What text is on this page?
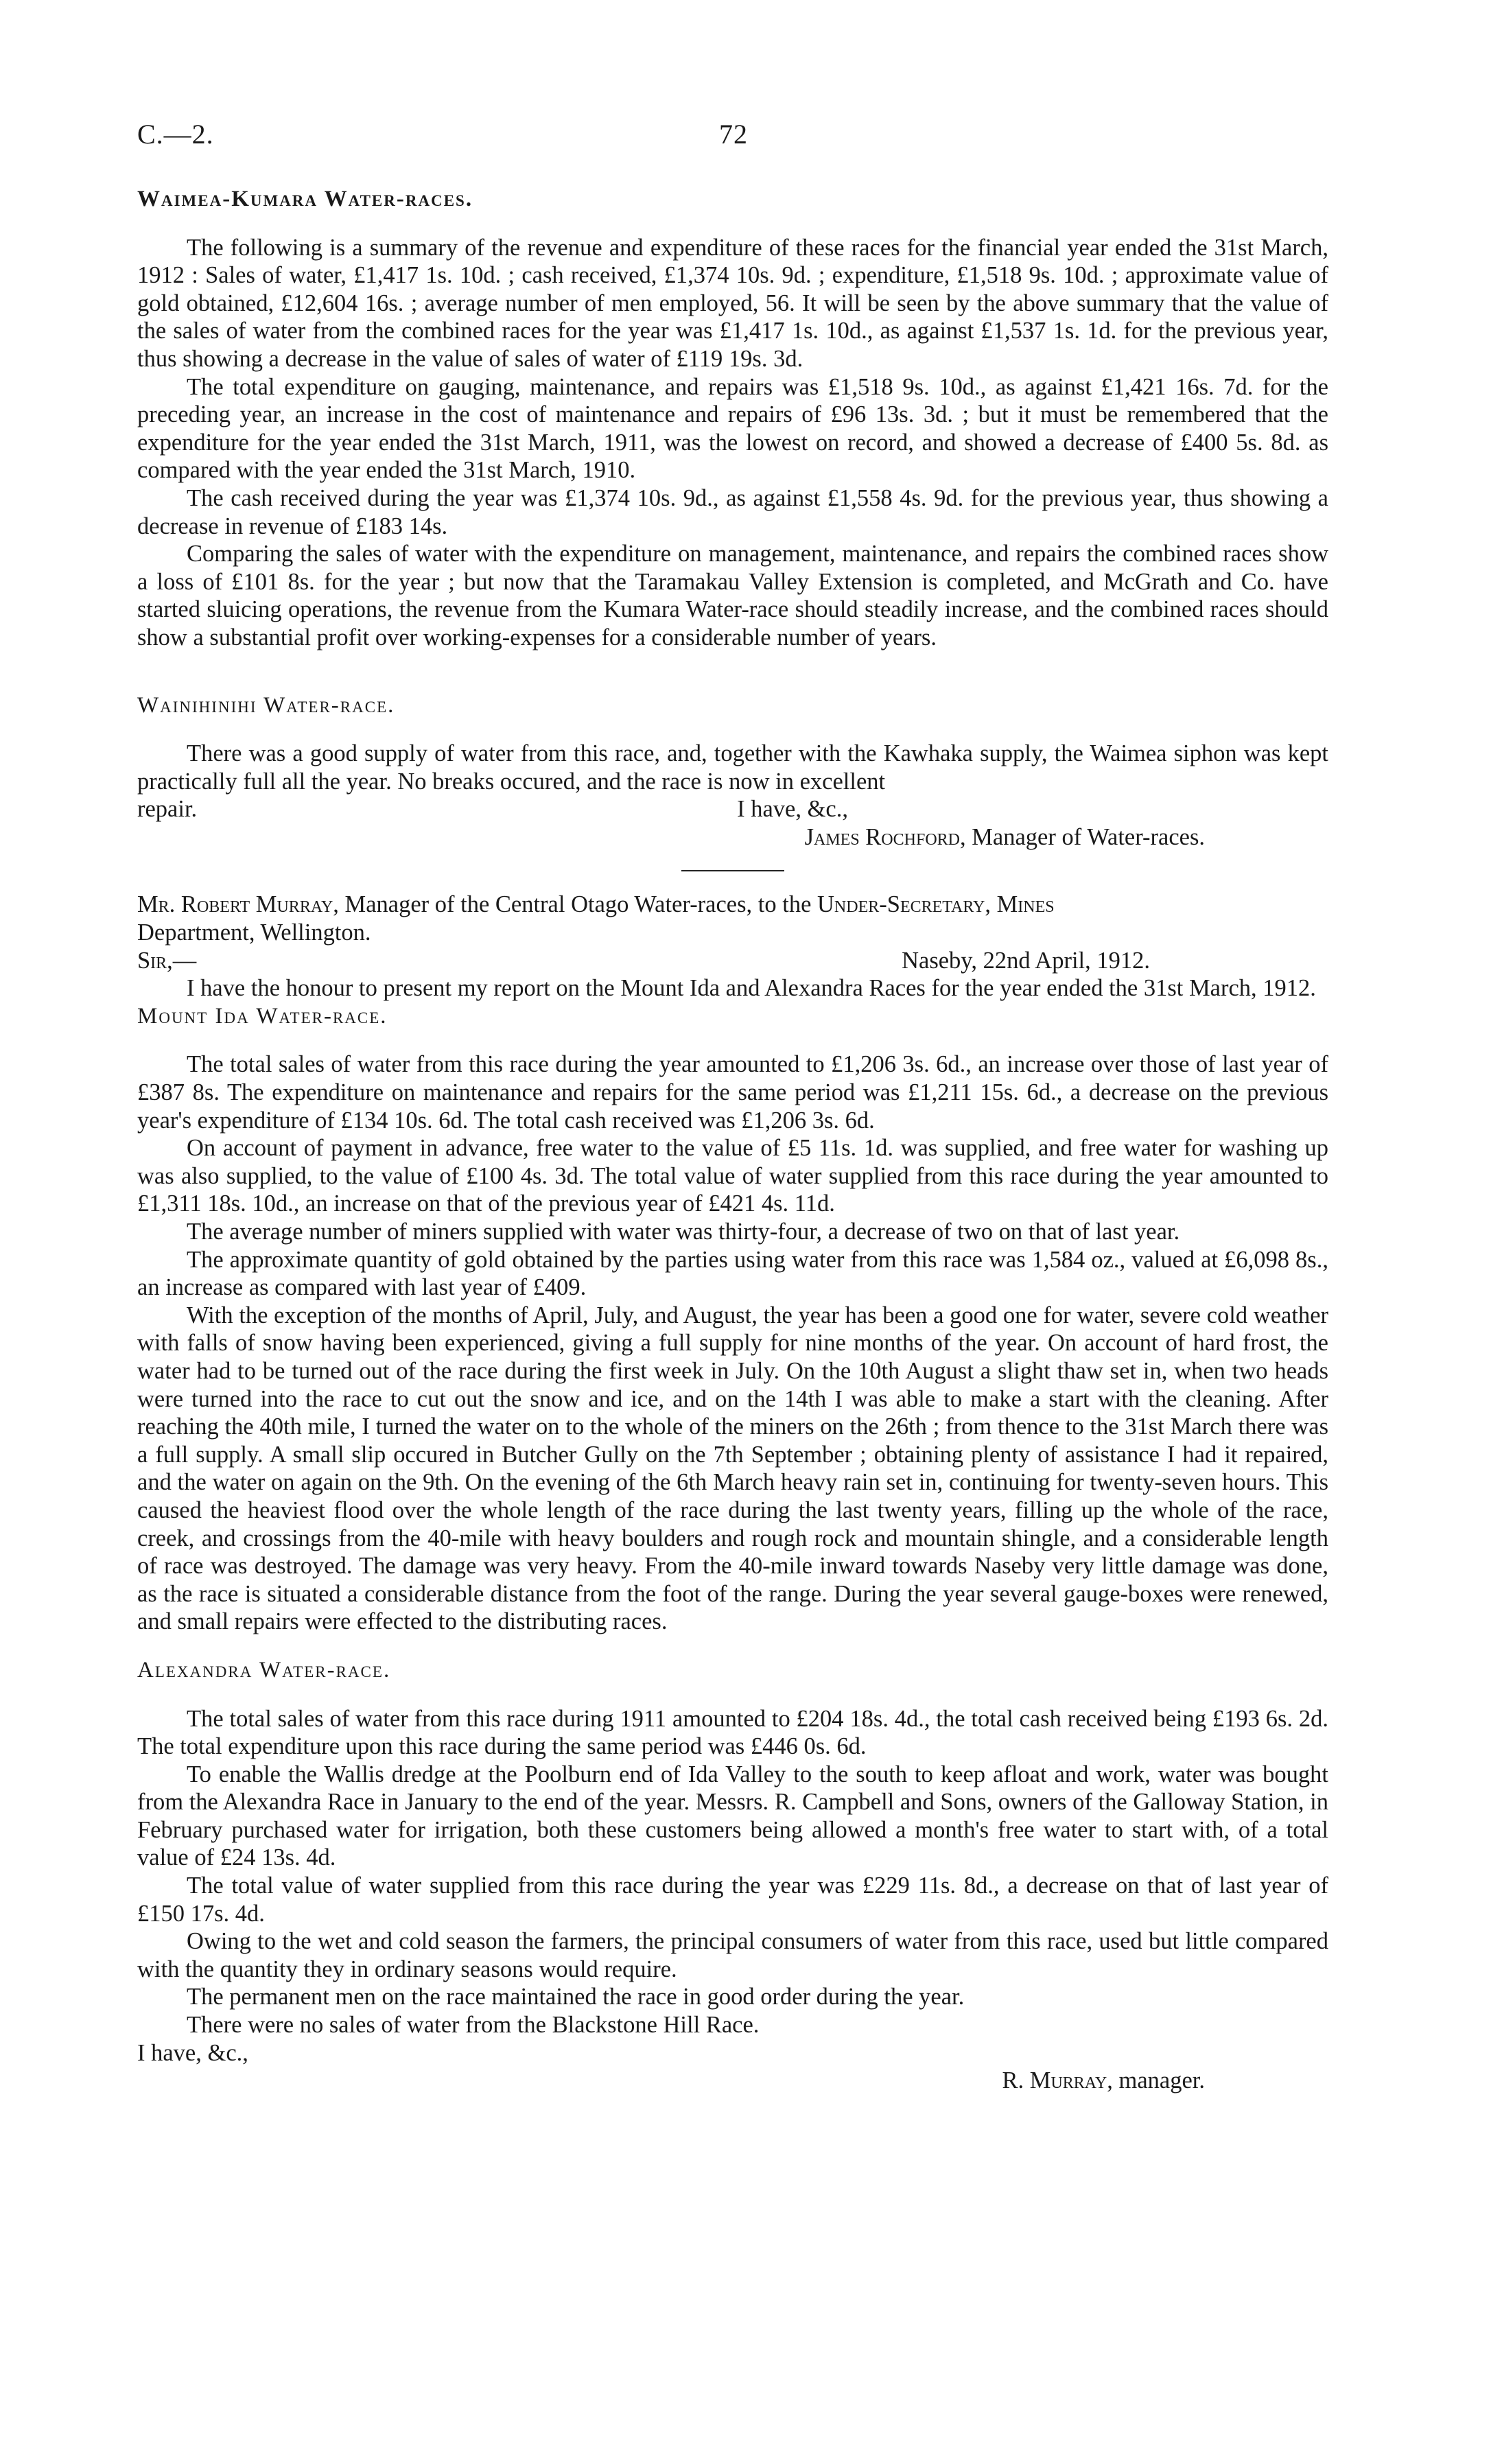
C.—2.	72

Waimea-Kumara Water-races.

The following is a summary of the revenue and expenditure of these races for the financial year ended the 31st March, 1912 : Sales of water, £1,417 1s. 10d. ; cash received, £1,374 10s. 9d. ; expenditure, £1,518 9s. 10d. ; approximate value of gold obtained, £12,604 16s. ; average number of men employed, 56. It will be seen by the above summary that the value of the sales of water from the combined races for the year was £1,417 1s. 10d., as against £1,537 1s. 1d. for the previous year, thus showing a decrease in the value of sales of water of £119 19s. 3d.

The total expenditure on gauging, maintenance, and repairs was £1,518 9s. 10d., as against £1,421 16s. 7d. for the preceding year, an increase in the cost of maintenance and repairs of £96 13s. 3d. ; but it must be remembered that the expenditure for the year ended the 31st March, 1911, was the lowest on record, and showed a decrease of £400 5s. 8d. as compared with the year ended the 31st March, 1910.

The cash received during the year was £1,374 10s. 9d., as against £1,558 4s. 9d. for the previous year, thus showing a decrease in revenue of £183 14s.

Comparing the sales of water with the expenditure on management, maintenance, and repairs the combined races show a loss of £101 8s. for the year ; but now that the Taramakau Valley Extension is completed, and McGrath and Co. have started sluicing operations, the revenue from the Kumara Water-race should steadily increase, and the combined races should show a substantial profit over working-expenses for a considerable number of years.

Wainihinihi Water-race.

There was a good supply of water from this race, and, together with the Kawhaka supply, the Waimea siphon was kept practically full all the year. No breaks occured, and the race is now in excellent

repair.	I have, &c.,
James Rochford, Manager of Water-races.

Mr. Robert Murray, Manager of the Central Otago Water-races, to the Under-Secretary, Mines

Department, Wellington.

Sir,—	Naseby, 22nd April, 1912.

I have the honour to present my report on the Mount Ida and Alexandra Races for the year ended the 31st March, 1912.

Mount Ida Water-race.

The total sales of water from this race during the year amounted to £1,206 3s. 6d., an increase over those of last year of £387 8s. The expenditure on maintenance and repairs for the same period was £1,211 15s. 6d., a decrease on the previous year's expenditure of £134 10s. 6d. The total cash received was £1,206 3s. 6d.

On account of payment in advance, free water to the value of £5 11s. 1d. was supplied, and free water for washing up was also supplied, to the value of £100 4s. 3d. The total value of water supplied from this race during the year amounted to £1,311 18s. 10d., an increase on that of the previous year of £421 4s. 11d.

The average number of miners supplied with water was thirty-four, a decrease of two on that of last year.

The approximate quantity of gold obtained by the parties using water from this race was 1,584 oz., valued at £6,098 8s., an increase as compared with last year of £409.

With the exception of the months of April, July, and August, the year has been a good one for water, severe cold weather with falls of snow having been experienced, giving a full supply for nine months of the year. On account of hard frost, the water had to be turned out of the race during the first week in July. On the 10th August a slight thaw set in, when two heads were turned into the race to cut out the snow and ice, and on the 14th I was able to make a start with the cleaning. After reaching the 40th mile, I turned the water on to the whole of the miners on the 26th ; from thence to the 31st March there was a full supply. A small slip occured in Butcher Gully on the 7th September ; obtaining plenty of assistance I had it repaired, and the water on again on the 9th. On the evening of the 6th March heavy rain set in, continuing for twenty-seven hours. This caused the heaviest flood over the whole length of the race during the last twenty years, filling up the whole of the race, creek, and crossings from the 40-mile with heavy boulders and rough rock and mountain shingle, and a considerable length of race was destroyed. The damage was very heavy. From the 40-mile inward towards Naseby very little damage was done, as the race is situated a considerable distance from the foot of the range. During the year several gauge-boxes were renewed, and small repairs were effected to the distributing races.

Alexandra Water-race.

The total sales of water from this race during 1911 amounted to £204 18s. 4d., the total cash received being £193 6s. 2d. The total expenditure upon this race during the same period was £446 0s. 6d.

To enable the Wallis dredge at the Poolburn end of Ida Valley to the south to keep afloat and work, water was bought from the Alexandra Race in January to the end of the year. Messrs. R. Campbell and Sons, owners of the Galloway Station, in February purchased water for irrigation, both these customers being allowed a month's free water to start with, of a total value of £24 13s. 4d.

The total value of water supplied from this race during the year was £229 11s. 8d., a decrease on that of last year of £150 17s. 4d.

Owing to the wet and cold season the farmers, the principal consumers of water from this race, used but little compared with the quantity they in ordinary seasons would require.

The permanent men on the race maintained the race in good order during the year.

There were no sales of water from the Blackstone Hill Race.

I have, &c.,

R. Murray, manager.
